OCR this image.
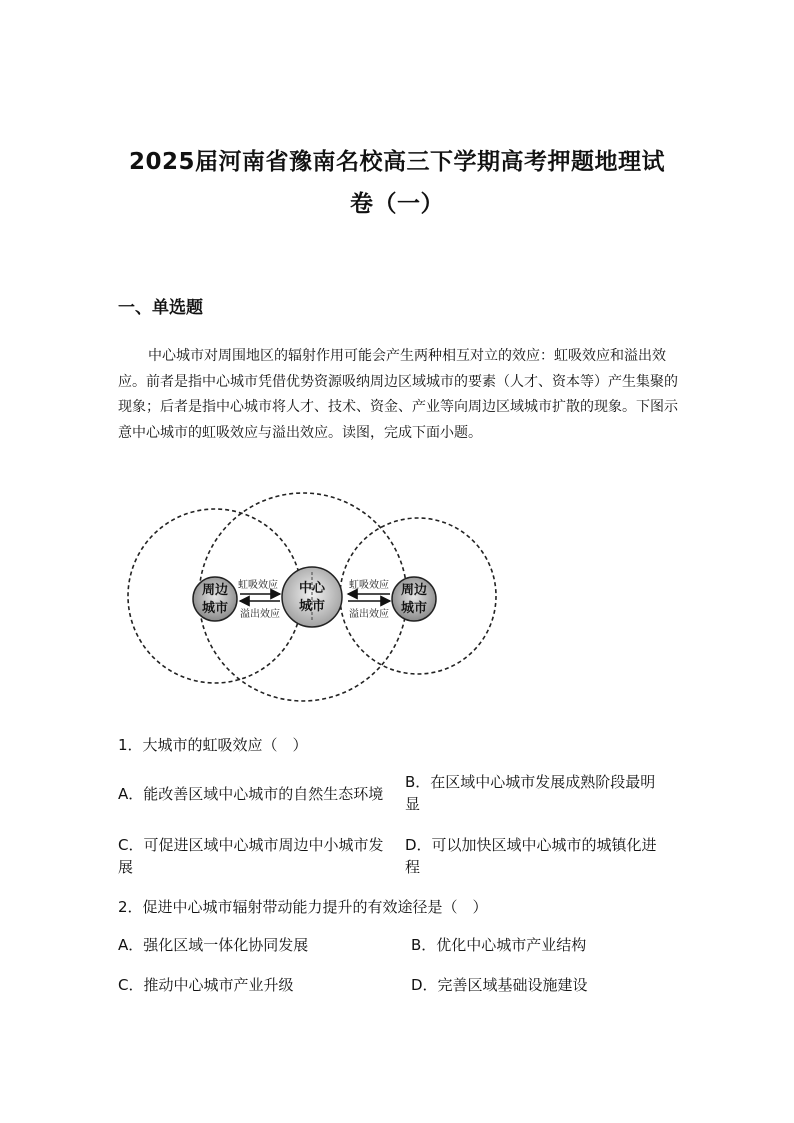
2025届河南省豫南名校高三下学期高考押题地理试
卷（一）
一、单选题
中心城市对周围地区的辐射作用可能会产生两种相互对立的效应：虹吸效应和溢出效应。前者是指中心城市凭借优势资源吸纳周边区域城市的要素（人才、资本等）产生集聚的现象；后者是指中心城市将人才、技术、资金、产业等向周边区域城市扩散的现象。下图示意中心城市的虹吸效应与溢出效应。读图，完成下面小题。
周边
城市
中心
城市
周边
城市
虹吸效应
溢出效应
虹吸效应
溢出效应
1．大城市的虹吸效应（　）
A．能改善区域中心城市的自然生态环境
B．在区域中心城市发展成熟阶段最明
显
C．可促进区域中心城市周边中小城市发
展
D．可以加快区域中心城市的城镇化进
程
2．促进中心城市辐射带动能力提升的有效途径是（　）
A．强化区域一体化协同发展	B．优化中心城市产业结构
C．推动中心城市产业升级	D．完善区域基础设施建设
